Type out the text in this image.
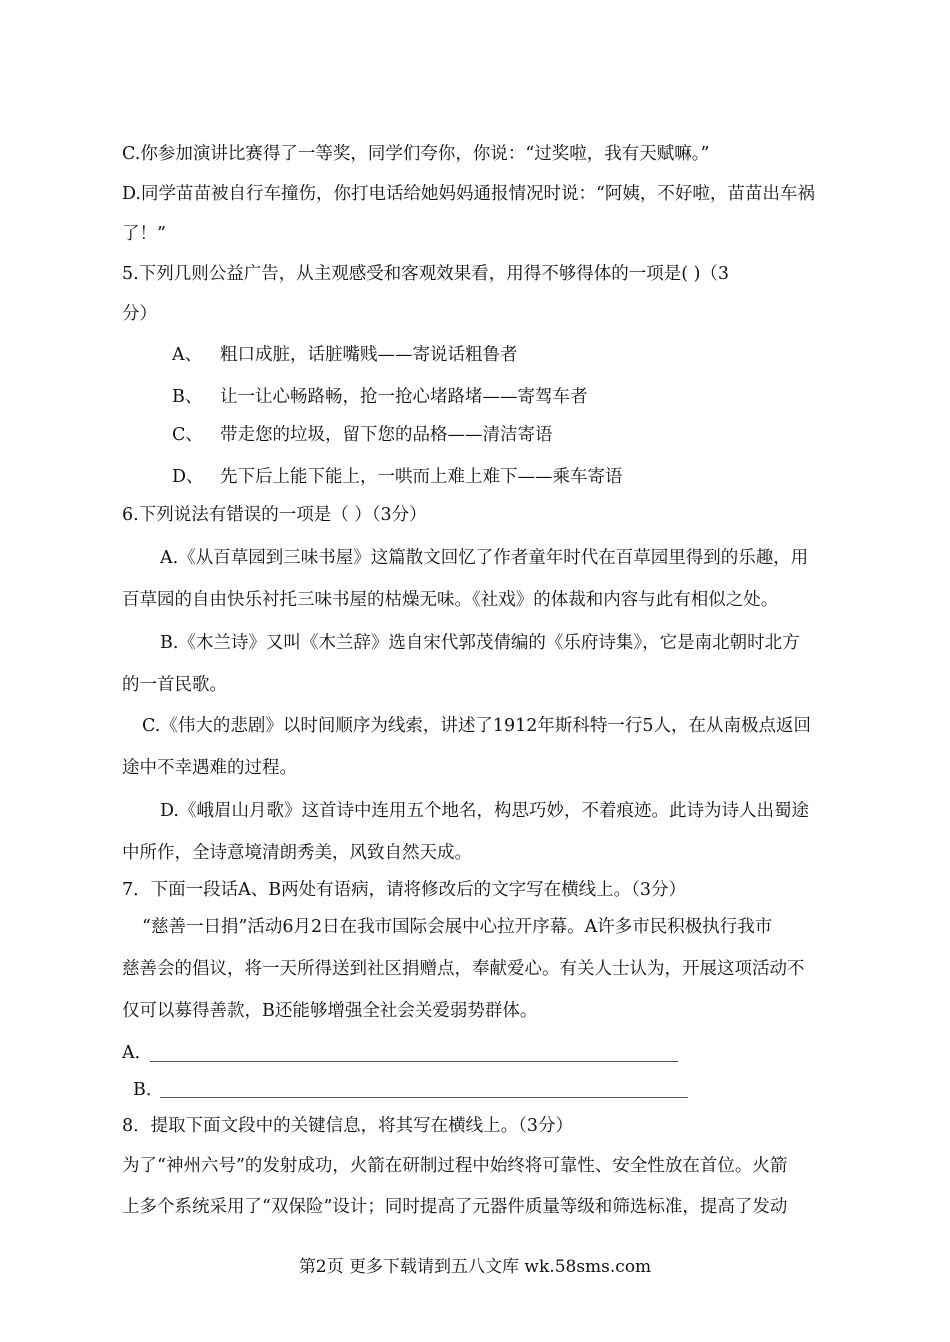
C.你参加演讲比赛得了一等奖，同学们夸你，你说：“过奖啦，我有天赋嘛。”
D.同学苗苗被自行车撞伤，你打电话给她妈妈通报情况时说：“阿姨，不好啦，苗苗出车祸
了！”
5.下列几则公益广告，从主观感受和客观效果看，用得不够得体的一项是( )（3
分）
A、 粗口成脏，话脏嘴贱——寄说话粗鲁者
B、 让一让心畅路畅，抢一抢心堵路堵——寄驾车者
C、 带走您的垃圾，留下您的品格——清洁寄语
D、 先下后上能下能上，一哄而上难上难下——乘车寄语
6.下列说法有错误的一项是（ ）（3分）
A.《从百草园到三味书屋》这篇散文回忆了作者童年时代在百草园里得到的乐趣，用
百草园的自由快乐衬托三味书屋的枯燥无味。《社戏》的体裁和内容与此有相似之处。
B.《木兰诗》又叫《木兰辞》选自宋代郭茂倩编的《乐府诗集》，它是南北朝时北方
的一首民歌。
C.《伟大的悲剧》以时间顺序为线索，讲述了1912年斯科特一行5人，在从南极点返回
途中不幸遇难的过程。
D.《峨眉山月歌》这首诗中连用五个地名，构思巧妙，不着痕迹。此诗为诗人出蜀途
中所作，全诗意境清朗秀美，风致自然天成。
7．下面一段话A、B两处有语病，请将修改后的文字写在横线上。（3分）
“慈善一日捐”活动6月2日在我市国际会展中心拉开序幕。A许多市民积极执行我市
慈善会的倡议，将一天所得送到社区捐赠点，奉献爱心。有关人士认为，开展这项活动不
仅可以募得善款，B还能够增强全社会关爱弱势群体。
A．
B．
8．提取下面文段中的关键信息，将其写在横线上。（3分）
为了“神州六号”的发射成功，火箭在研制过程中始终将可靠性、安全性放在首位。火箭
上多个系统采用了“双保险”设计；同时提高了元器件质量等级和筛选标准，提高了发动
第2页 更多下载请到五八文库 wk.58sms.com
